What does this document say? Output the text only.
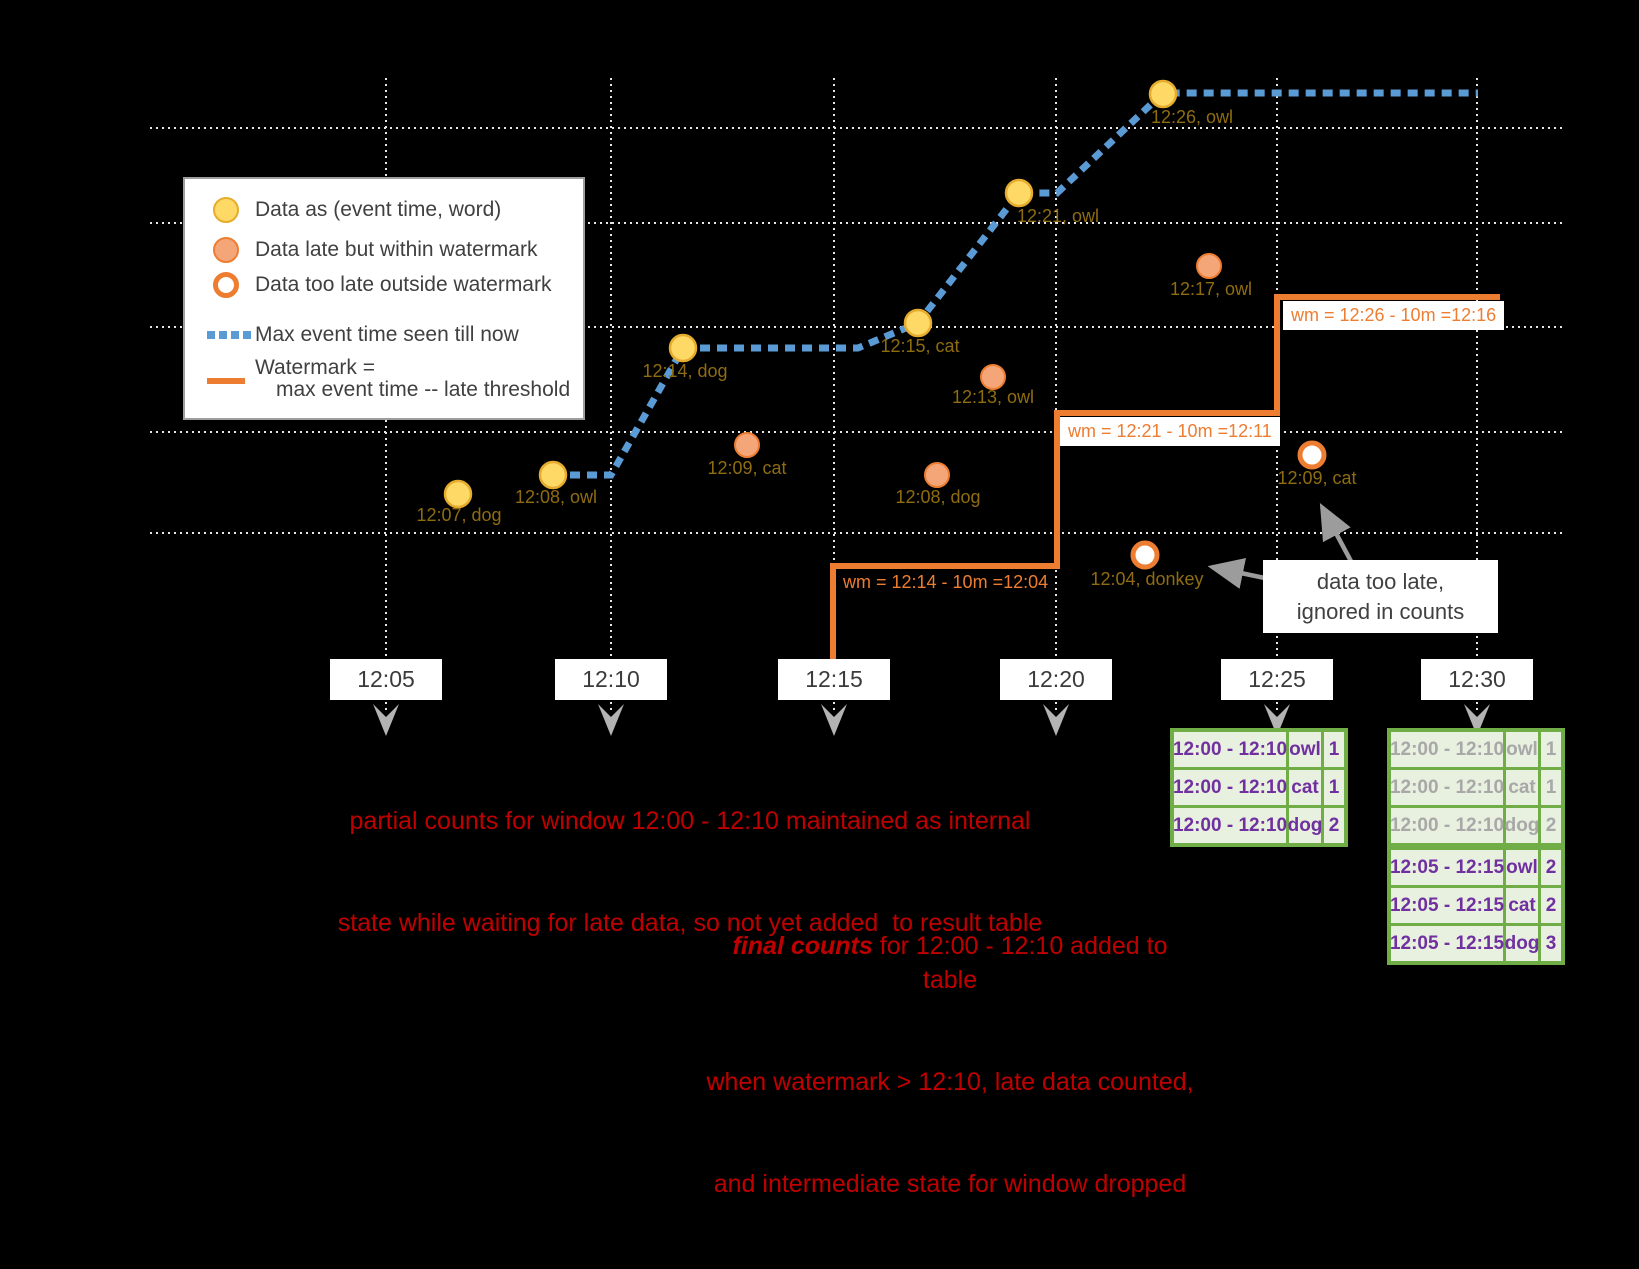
Data as (event time, word)
Data late but within watermark
Data too late outside watermark
Max event time seen till now
Watermark =
max event time -- late threshold
12:07, dog
12:08, owl
12:14, dog
12:15, cat
12:21, owl
12:26, owl
12:09, cat
12:08, dog
12:13, owl
12:17, owl
12:04, donkey
12:09, cat
wm = 12:14 - 10m =12:04
wm = 12:21 - 10m =12:11
wm = 12:26 - 10m =12:16
12:05	12:10	12:15	12:20	12:25	12:30
12:00 - 12:10 owl 1
12:00 - 12:10 cat 1
12:00 - 12:10 dog 2
12:00 - 12:10 owl 1
12:00 - 12:10 cat 1
12:00 - 12:10 dog 2
12:05 - 12:15 owl 2
12:05 - 12:15 cat 2
12:05 - 12:15 dog 3
data too late,
ignored in counts

partial counts for window 12:00 - 12:10 maintained as internal

state while waiting for late data, so not yet added  to result table

final counts for 12:00 - 12:10 added to table

when watermark > 12:10, late data counted,

and intermediate state for window dropped
